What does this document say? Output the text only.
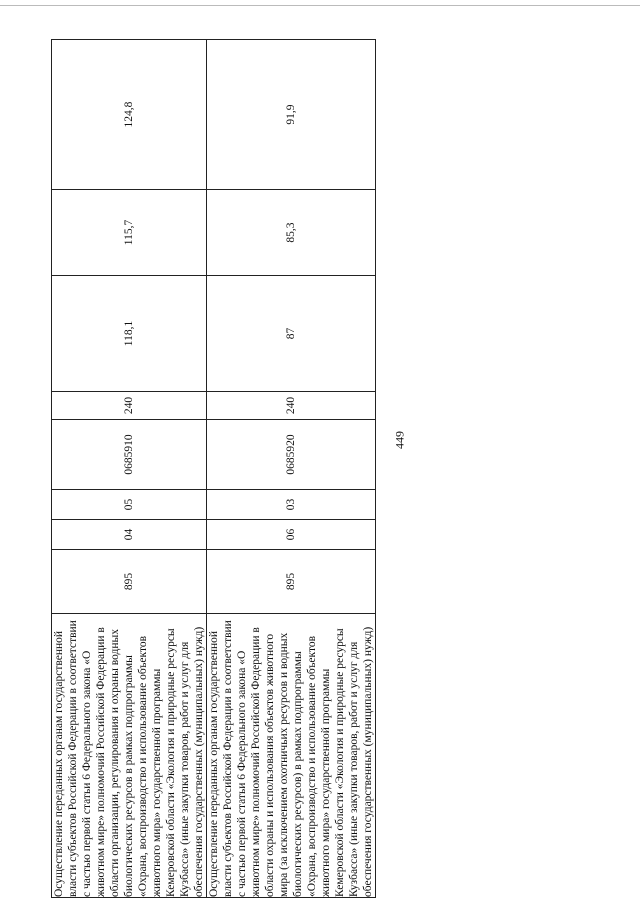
449
Осуществление переданных органам государственной власти субъектов Российской Федерации в соответствии с частью первой статьи 6 Федерального закона «О животном мире» полномочий Российской Федерации в области организации, регулирования и охраны водных биологических ресурсов в рамках подпрограммы «Охрана, воспроизводство и использование объектов животного мира» государственной программы Кемеровской области «Экология и природные ресурсы Кузбасса» (иные закупки товаров, работ и услуг для обеспечения государственных (муниципальных) нужд)	895	04	05	0685910	240	118,1	115,7	124,8
Осуществление переданных органам государственной власти субъектов Российской Федерации в соответствии с частью первой статьи 6 Федерального закона «О животном мире» полномочий Российской Федерации в области охраны и использования объектов животного мира (за исключением охотничьих ресурсов и водных биологических ресурсов) в рамках подпрограммы «Охрана, воспроизводство и использование объектов животного мира» государственной программы Кемеровской области «Экология и природные ресурсы Кузбасса» (иные закупки товаров, работ и услуг для обеспечения государственных (муниципальных) нужд)	895	06	03	0685920	240	87	85,3	91,9
